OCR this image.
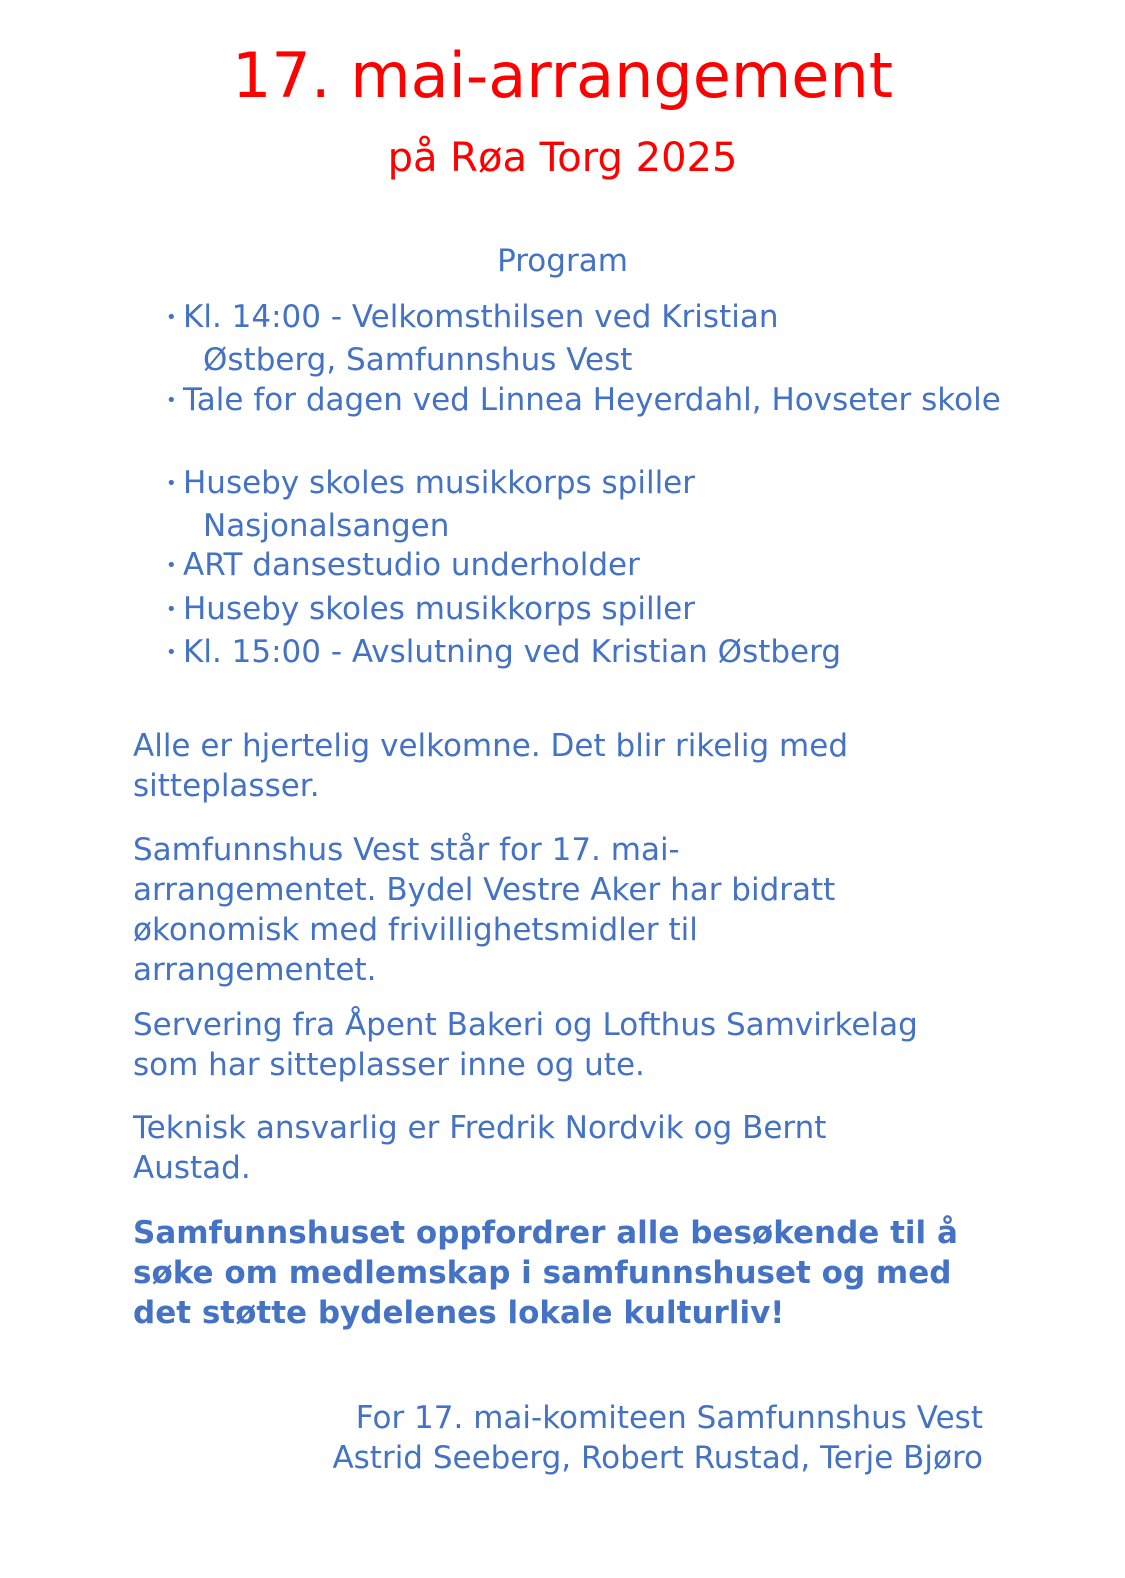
17. mai-arrangement
på Røa Torg 2025
Program
• Kl. 14:00 - Velkomsthilsen ved Kristian Østberg, Samfunnshus Vest
• Tale for dagen ved Linnea Heyerdahl, Hovseter skole
• Huseby skoles musikkorps spiller Nasjonalsangen
• ART dansestudio underholder
• Huseby skoles musikkorps spiller
• Kl. 15:00 - Avslutning ved Kristian Østberg

Alle er hjertelig velkomne. Det blir rikelig med sitteplasser.

Samfunnshus Vest står for 17. mai-arrangementet. Bydel Vestre Aker har bidratt økonomisk med frivillighetsmidler til arrangementet.

Servering fra Åpent Bakeri og Lofthus Samvirkelag som har sitteplasser inne og ute.

Teknisk ansvarlig er Fredrik Nordvik og Bernt Austad.

Samfunnshuset oppfordrer alle besøkende til å søke om medlemskap i samfunnshuset og med det støtte bydelenes lokale kulturliv!

For 17. mai-komiteen Samfunnshus Vest
Astrid Seeberg, Robert Rustad, Terje Bjøro
